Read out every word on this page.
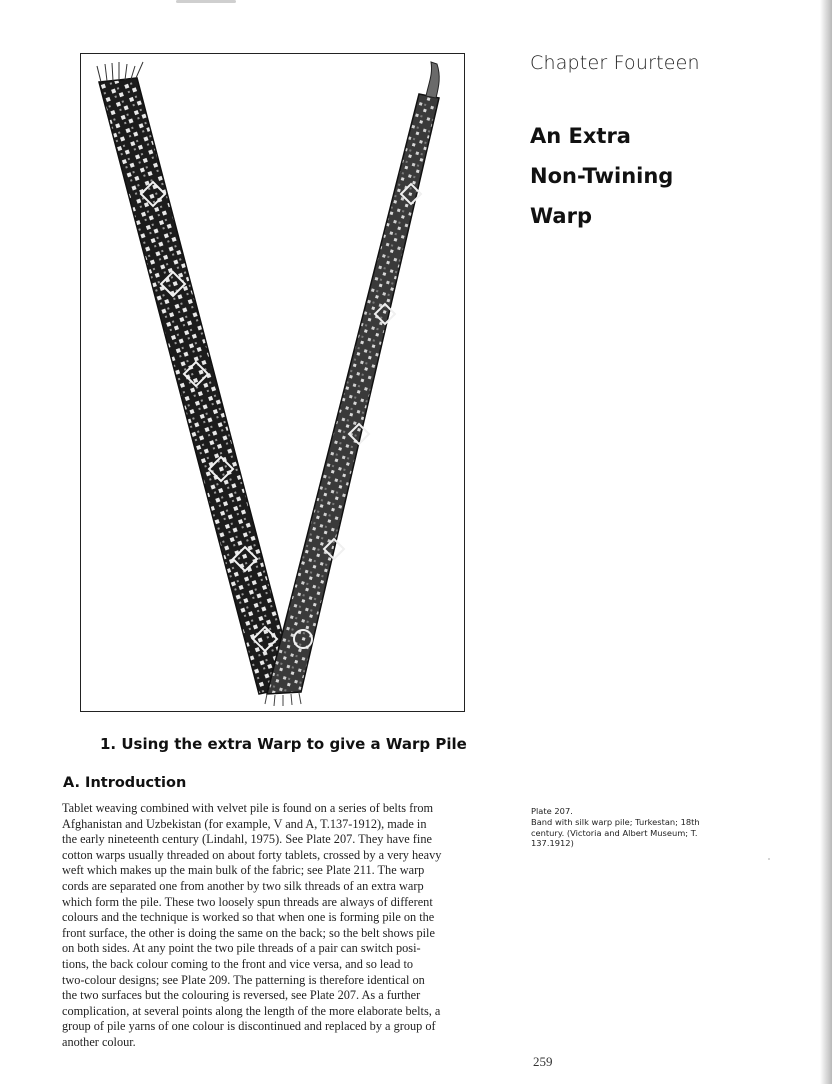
Chapter Fourteen
An Extra
Non-Twining
Warp
1. Using the extra Warp to give a Warp Pile
A. Introduction
Tablet weaving combined with velvet pile is found on a series of belts from
Afghanistan and Uzbekistan (for example, V and A, T.137-1912), made in
the early nineteenth century (Lindahl, 1975). See Plate 207. They have fine
cotton warps usually threaded on about forty tablets, crossed by a very heavy
weft which makes up the main bulk of the fabric; see Plate 211. The warp
cords are separated one from another by two silk threads of an extra warp
which form the pile. These two loosely spun threads are always of different
colours and the technique is worked so that when one is forming pile on the
front surface, the other is doing the same on the back; so the belt shows pile
on both sides. At any point the two pile threads of a pair can switch posi-
tions, the back colour coming to the front and vice versa, and so lead to
two-colour designs; see Plate 209. The patterning is therefore identical on
the two surfaces but the colouring is reversed, see Plate 207. As a further
complication, at several points along the length of the more elaborate belts, a
group of pile yarns of one colour is discontinued and replaced by a group of
another colour.
Plate 207.
Band with silk warp pile; Turkestan; 18th
century. (Victoria and Albert Museum; T.
137.1912)
259
